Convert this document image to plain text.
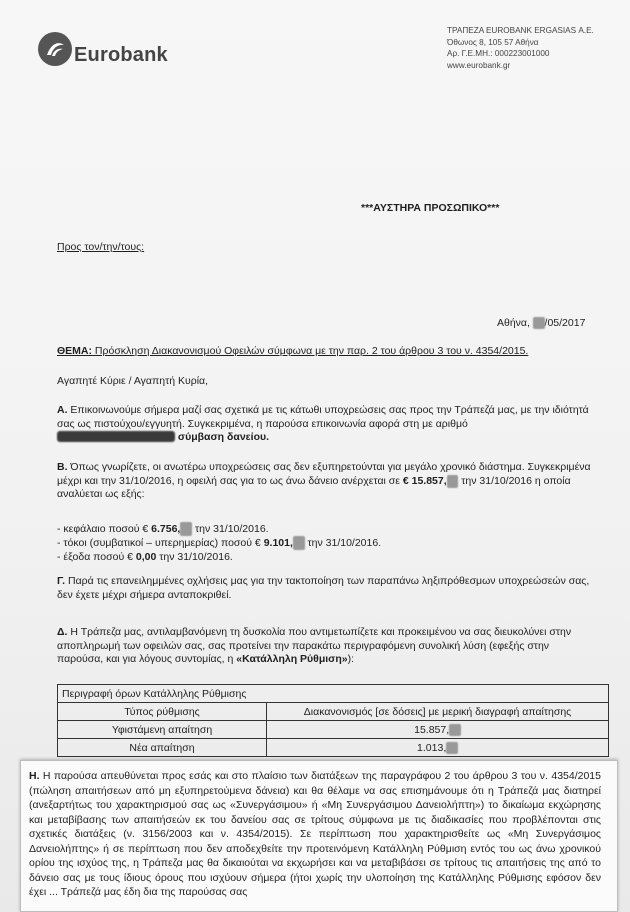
Eurobank
ΤΡΑΠΕΖΑ EUROBANK ERGASIAS Α.Ε.
Όθωνος 8, 105 57 Αθήνα
Αρ. Γ.Ε.ΜΗ.: 000223001000
www.eurobank.gr
***ΑΥΣΤΗΡΑ ΠΡΟΣΩΠΙΚΟ***
Προς τον/την/τους:
Αθήνα, 26/05/2017
ΘΕΜΑ: Πρόσκληση Διακανονισμού Οφειλών σύμφωνα με την παρ. 2 του άρθρου 3 του ν. 4354/2015.
Αγαπητέ Κύριε / Αγαπητή Κυρία,
Α. Επικοινωνούμε σήμερα μαζί σας σχετικά με τις κάτωθι υποχρεώσεις σας προς την Τράπεζά μας, με την ιδιότητά σας ως πιστούχου/εγγυητή. Συγκεκριμένα, η παρούσα επικοινωνία αφορά στη με αριθμό
σύμβαση δανείου.
Β. Όπως γνωρίζετε, οι ανωτέρω υποχρεώσεις σας δεν εξυπηρετούνται για μεγάλο χρονικό διάστημα. Συγκεκριμένα μέχρι και την 31/10/2016, η οφειλή σας για το ως άνω δάνειο ανέρχεται σε € 15.857,81 την 31/10/2016 η οποία αναλύεται ως εξής:
- κεφάλαιο ποσού € 6.756,63 την 31/10/2016.
- τόκοι (συμβατικοί – υπερημερίας) ποσού € 9.101,28 την 31/10/2016.
- έξοδα ποσού € 0,00 την 31/10/2016.
Γ. Παρά τις επανειλημμένες οχλήσεις μας για την τακτοποίηση των παραπάνω ληξιπρόθεσμων υποχρεώσεών σας, δεν έχετε μέχρι σήμερα ανταποκριθεί.
Δ. Η Τράπεζα μας, αντιλαμβανόμενη τη δυσκολία που αντιμετωπίζετε και προκειμένου να σας διευκολύνει στην αποπληρωμή των οφειλών σας, σας προτείνει την παρακάτω περιγραφόμενη συνολική λύση (εφεξής στην παρούσα, και για λόγους συντομίας, η «Κατάλληλη Ρύθμιση»):
Περιγραφή όρων Κατάλληλης Ρύθμισης	
Τύπος ρύθμισης	Διακανονισμός [σε δόσεις] με μερική διαγραφή απαίτησης
Υφιστάμενη απαίτηση	15.857,81
Νέα απαίτηση	1.013,48
Η. Η παρούσα απευθύνεται προς εσάς και στο πλαίσιο των διατάξεων της παραγράφου 2 του άρθρου 3 του ν. 4354/2015 (πώληση απαιτήσεων από μη εξυπηρετούμενα δάνεια) και θα θέλαμε να σας επισημάνουμε ότι η Τράπεζά μας διατηρεί (ανεξαρτήτως του χαρακτηρισμού σας ως «Συνεργάσιμου» ή «Μη Συνεργάσιμου Δανειολήπτη») το δικαίωμα εκχώρησης και μεταβίβασης των απαιτήσεών εκ του δανείου σας σε τρίτους σύμφωνα με τις διαδικασίες που προβλέπονται στις σχετικές διατάξεις (ν. 3156/2003 και ν. 4354/2015). Σε περίπτωση που χαρακτηρισθείτε ως «Μη Συνεργάσιμος Δανειολήπτης» ή σε περίπτωση που δεν αποδεχθείτε την προτεινόμενη Κατάλληλη Ρύθμιση εντός του ως άνω χρονικού ορίου της ισχύος της, η Τράπεζα μας θα δικαιούται να εκχωρήσει και να μεταβιβάσει σε τρίτους τις απαιτήσεις της από το δάνειο σας με τους ίδιους όρους που ισχύουν σήμερα (ήτοι χωρίς την υλοποίηση της Κατάλληλης Ρύθμισης εφόσον δεν έχει ... Τράπεζά μας έδη δια της παρούσας σας
